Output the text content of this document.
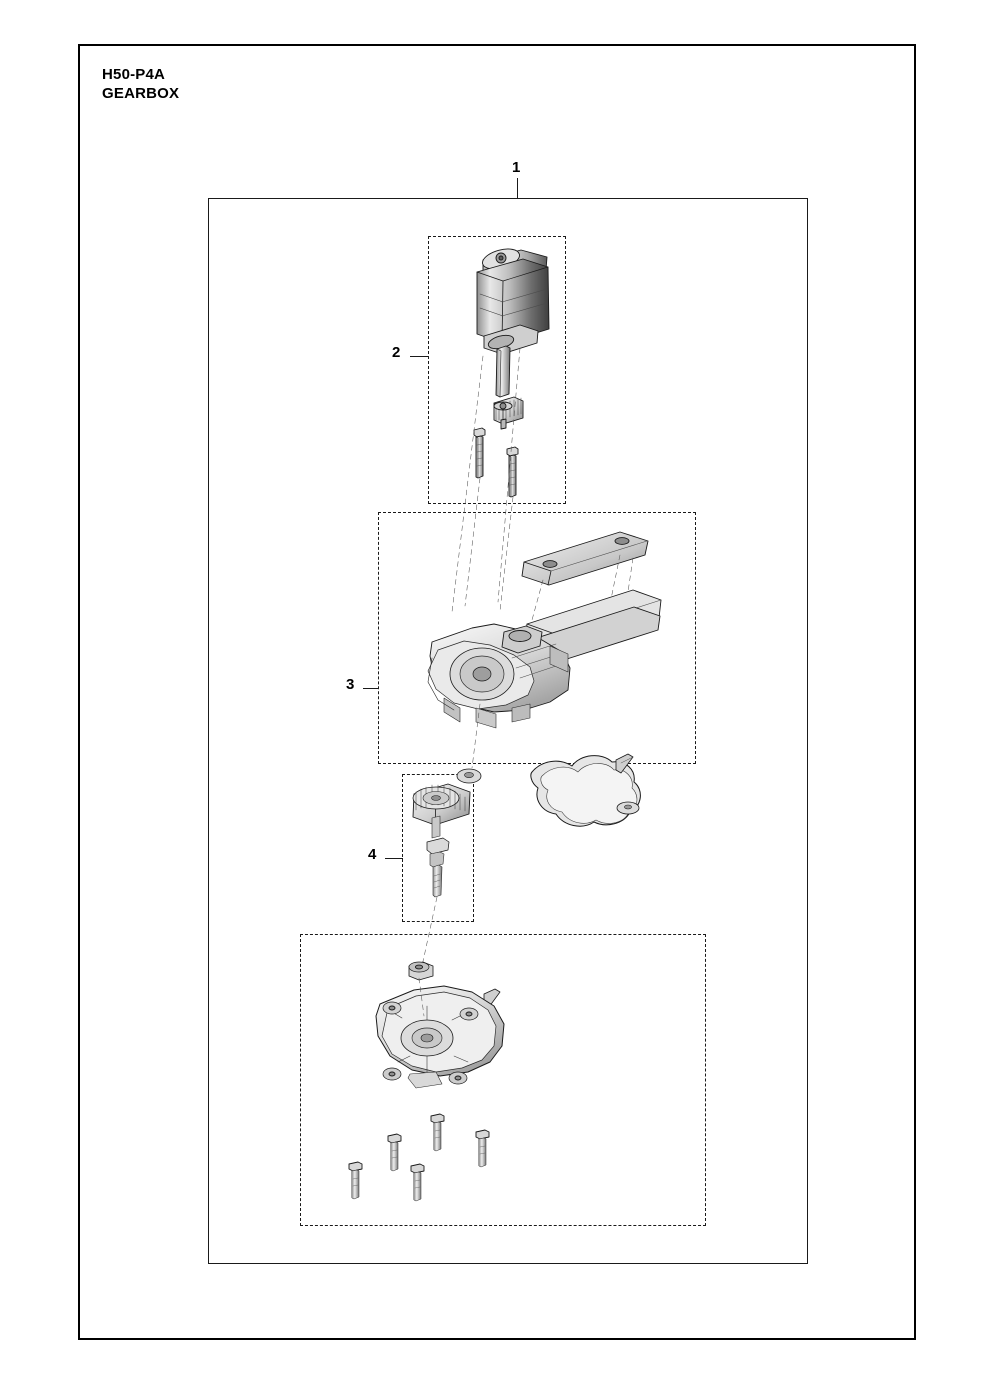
H50-P4A
GEARBOX
1
2
3
4
